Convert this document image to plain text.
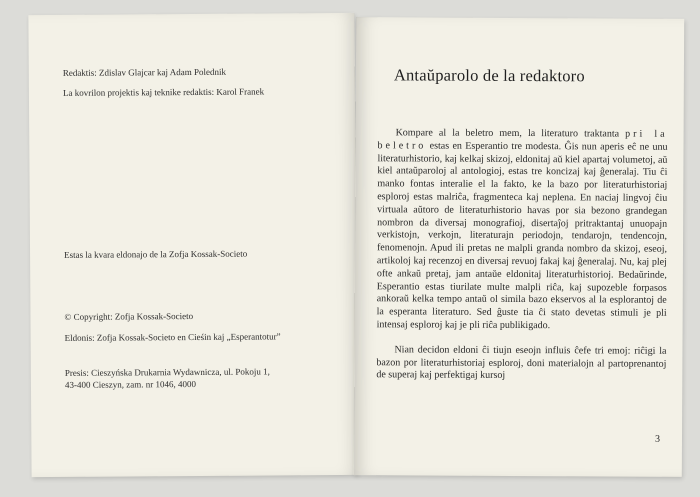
Redaktis: Zdislav Glajcar kaj Adam Polednik
La kovrilon projektis kaj teknike redaktis: Karol Franek
Estas la kvara eldonajo de la Zofja Kossak-Societo
© Copyright: Zofja Kossak-Societo
Eldonis: Zofja Kossak-Societo en Cieśin kaj „Esperantotur”
Presis: Cieszyńska Drukarnia Wydawnicza, ul. Pokoju 1,
43-400 Cieszyn, zam. nr 1046, 4000
Antaŭparolo de la redaktoro

Kompare al la beletro mem, la literaturo traktanta pri la beletro estas en Esperantio tre modesta. Ĝis nun aperis eĉ ne unu literaturhistorio, kaj kelkaj skizoj, eldonitaj aŭ kiel apartaj volumetoj, aŭ kiel antaŭparoloj al antologioj, estas tre koncizaj kaj ĝeneralaj. Tiu ĉi manko fontas interalie el la fakto, ke la bazo por literaturhistoriaj esploroj estas malriĉa, fragmenteca kaj neplena. En naciaj lingvoj ĉiu virtuala aŭtoro de literaturhistorio havas por sia bezono grandegan nombron da diversaj monografioj, disertaĵoj pritraktantaj unuopajn verkistojn, verkojn, literaturajn periodojn, tendarojn, tendencojn, fenomenojn. Apud ili pretas ne malpli granda nombro da skizoj, eseoj, artikoloj kaj recenzoj en diversaj revuoj fakaj kaj ĝeneralaj. Nu, kaj plej ofte ankaŭ pretaj, jam antaŭe eldonitaj literaturhistorioj. Bedaŭrinde, Esperantio estas tiurilate multe malpli riĉa, kaj supozeble forpasos ankoraŭ kelka tempo antaŭ ol simila bazo ekservos al la esplorantoj de la esperanta literaturo. Sed ĝuste tia ĉi stato devetas stimuli je pli intensaj esploroj kaj je pli riĉa publikigado.

Nian decidon eldoni ĉi tiujn eseojn influis ĉefe tri emoj: riĉigi la bazon por literaturhistoriaj esploroj, doni materialojn al partoprenantoj de superaj kaj perfektigaj kursoj

3
